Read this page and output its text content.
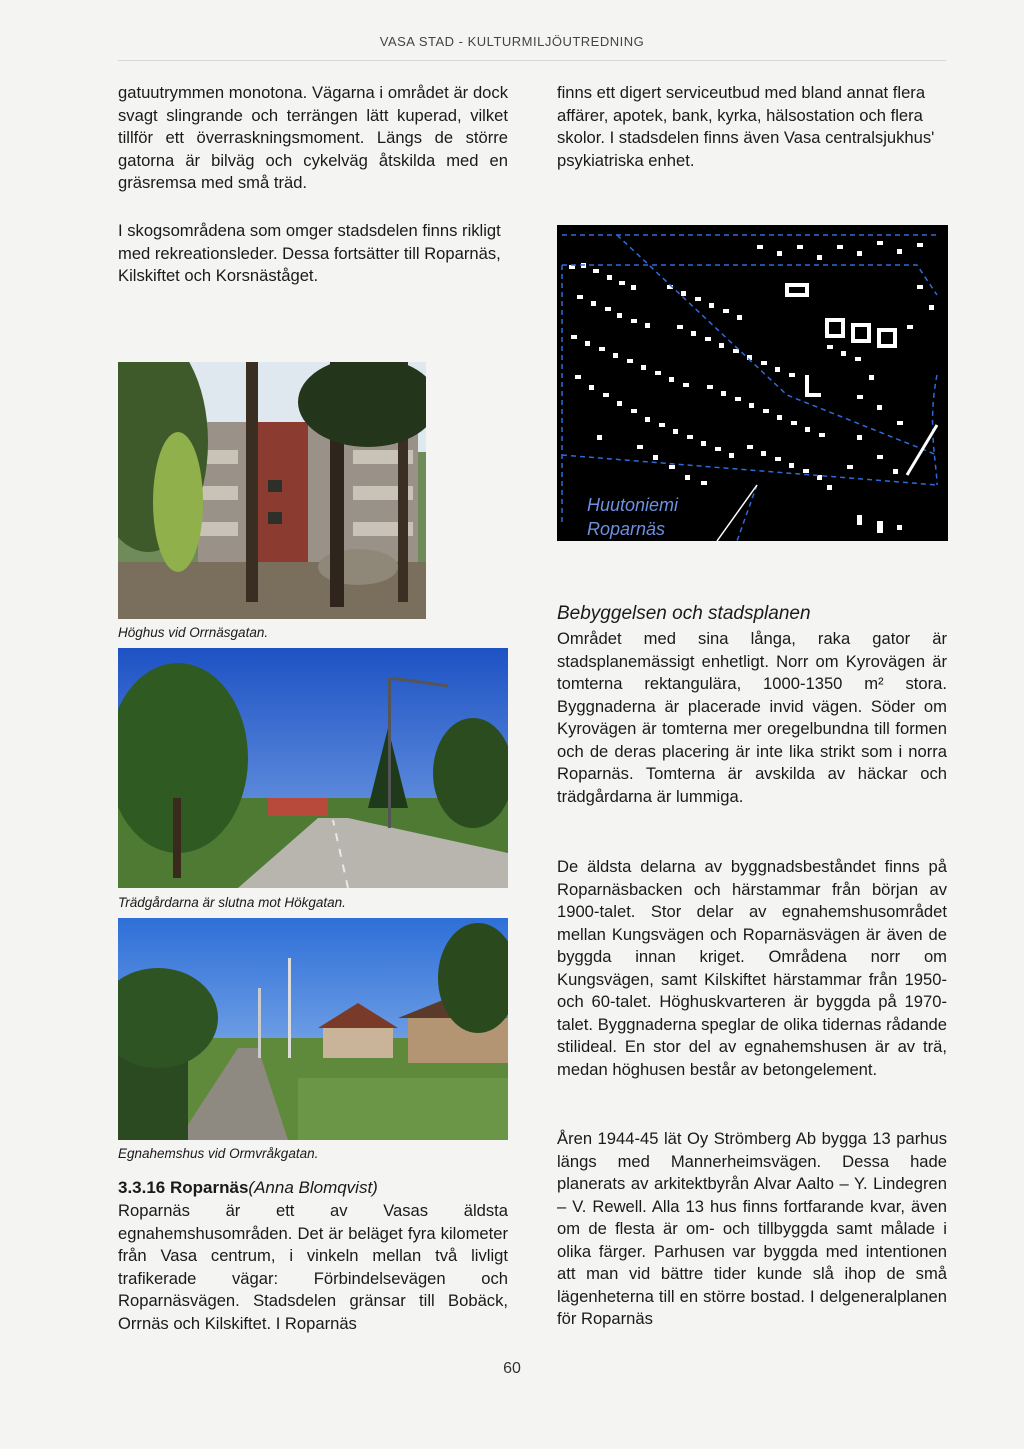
VASA STAD - KULTURMILJÖUTREDNING

gatuutrymmen monotona. Vägarna i området är dock svagt slingrande och terrängen lätt kuperad, vilket tillför ett överraskningsmoment. Längs de större gatorna är bilväg och cykelväg åtskilda med en gräsremsa med små träd.

I skogsområdena som omger stadsdelen finns rikligt med rekreationsleder. Dessa fortsätter till Roparnäs, Kilskiftet och Korsnäståget.

Höghus vid Orrnäsgatan.
Trädgårdarna är slutna mot Hökgatan.
Egnahemshus vid Ormvråkgatan.
3.3.16 Roparnäs(Anna Blomqvist)

Roparnäs är ett av Vasas äldsta egnahemshusområden. Det är beläget fyra kilometer från Vasa centrum, i vinkeln mellan två livligt trafikerade vägar: Förbindelsevägen och Roparnäsvägen. Stadsdelen gränsar till Bobäck, Orrnäs och Kilskiftet. I Roparnäs

finns ett digert serviceutbud med bland annat flera affärer, apotek, bank, kyrka, hälsostation och flera skolor. I stadsdelen finns även Vasa centralsjukhus' psykiatriska enhet.

Huutoniemi
Roparnäs
Bebyggelsen och stadsplanen

Området med sina långa, raka gator är stadsplanemässigt enhetligt. Norr om Kyrovägen är tomterna rektangulära, 1000-1350 m² stora. Byggnaderna är placerade invid vägen. Söder om Kyrovägen är tomterna mer oregelbundna till formen och de deras placering är inte lika strikt som i norra Roparnäs. Tomterna är avskilda av häckar och trädgårdarna är lummiga.

De äldsta delarna av byggnadsbeståndet finns på Roparnäsbacken och härstammar från början av 1900-talet. Stor delar av egnahemshusområdet mellan Kungsvägen och Roparnäsvägen är även de byggda innan kriget. Områdena norr om Kungsvägen, samt Kilskiftet härstammar från 1950- och 60-talet. Höghuskvarteren är byggda på 1970-talet. Byggnaderna speglar de olika tidernas rådande stilideal. En stor del av egnahemshusen är av trä, medan höghusen består av betongelement.

Åren 1944-45 lät Oy Strömberg Ab bygga 13 parhus längs med Mannerheimsvägen. Dessa hade planerats av arkitektbyrån Alvar Aalto – Y. Lindegren – V. Rewell. Alla 13 hus finns fortfarande kvar, även om de flesta är om- och tillbyggda samt målade i olika färger. Parhusen var byggda med intentionen att man vid bättre tider kunde slå ihop de små lägenheterna till en större bostad. I delgeneralplanen för Roparnäs

60
